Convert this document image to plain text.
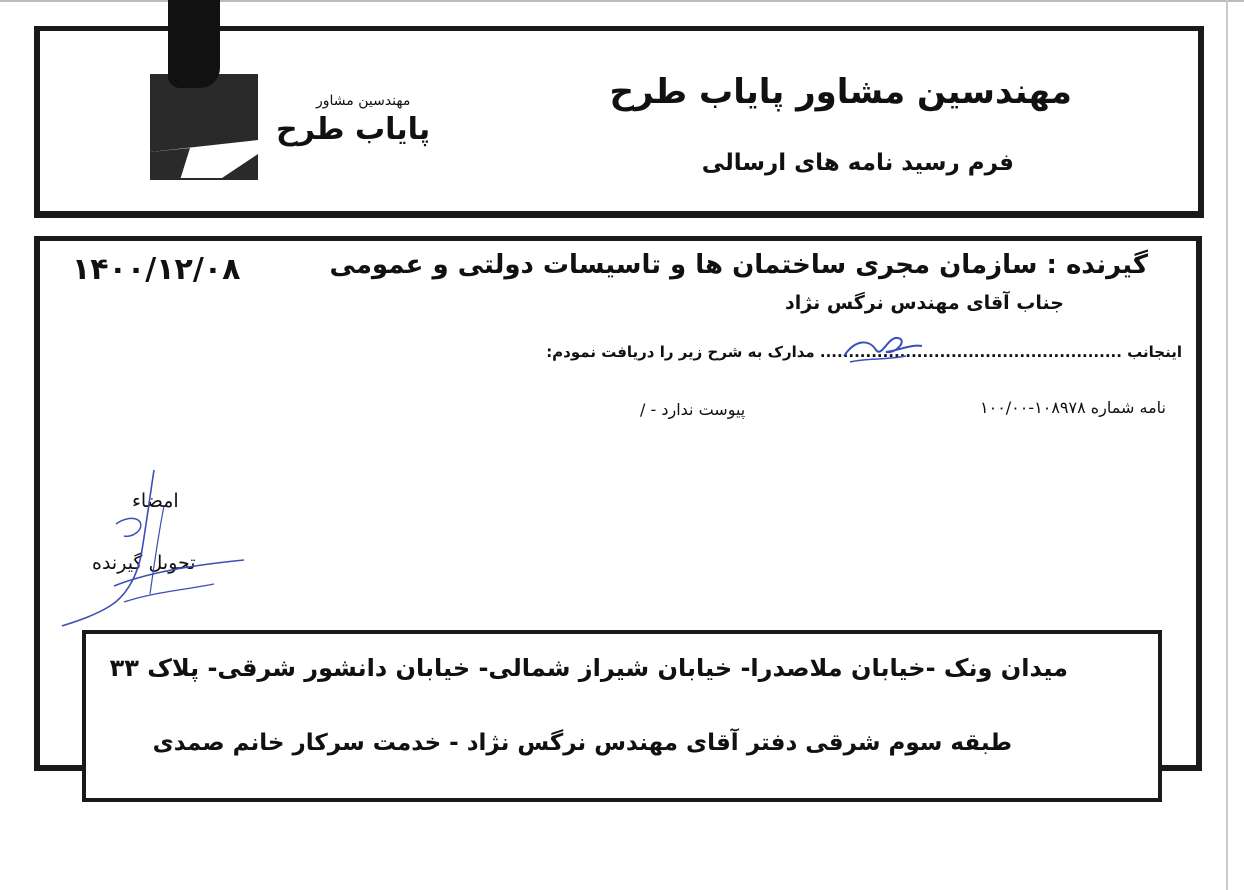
مهندسین مشاور
پایاب طرح
مهندسین مشاور پایاب طرح
فرم رسید نامه های ارسالی
گیرنده : سازمان مجری ساختمان ها و تاسیسات دولتی و عمومی
جناب آقای مهندس نرگس نژاد
۱۴۰۰/۱۲/۰۸
اینجانب ..................................................... مدارک به شرح زیر را دریافت نمودم:
نامه شماره ۱۰۸۹۷۸-۱۰۰/۰۰
پیوست ندارد - /
امضاء
تحویل گیرنده
میدان ونک -خیابان ملاصدرا- خیابان شیراز شمالی- خیابان دانشور شرقی- پلاک ۳۳
طبقه سوم شرقی دفتر آقای مهندس نرگس نژاد - خدمت سرکار خانم صمدی
